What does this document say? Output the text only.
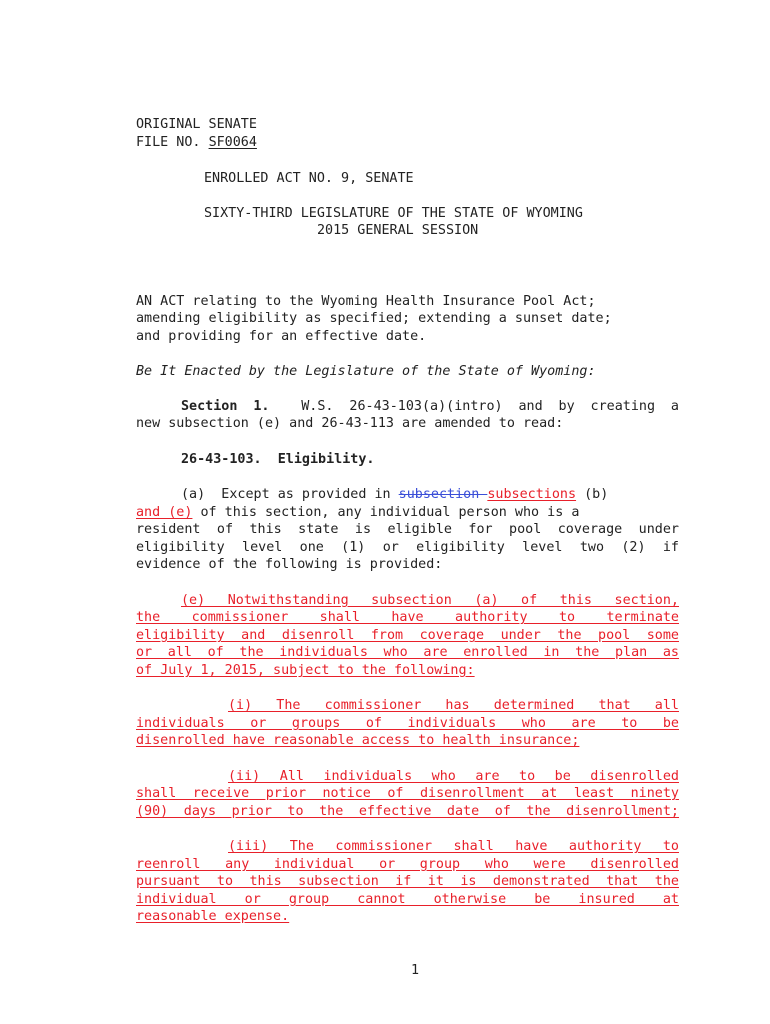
ORIGINAL SENATE
FILE NO. SF0064
ENROLLED ACT NO. 9, SENATE
SIXTY-THIRD LEGISLATURE OF THE STATE OF WYOMING
2015 GENERAL SESSION
AN ACT relating to the Wyoming Health Insurance Pool Act;
amending eligibility as specified; extending a sunset date;
and providing for an effective date.
Be It Enacted by the Legislature of the State of Wyoming:
Section 1. W.S. 26-43-103(a)(intro) and by creating a
new subsection (e) and 26-43-113 are amended to read:
26-43-103. Eligibility.
(a)  Except as provided in subsection subsections (b)
and (e) of this section, any individual person who is a
resident of this state is eligible for pool coverage under
eligibility level one (1) or eligibility level two (2) if
evidence of the following is provided:
(e) Notwithstanding subsection (a) of this section,
the commissioner shall have authority to terminate
eligibility and disenroll from coverage under the pool some
or all of the individuals who are enrolled in the plan as
of July 1, 2015, subject to the following:
(i) The commissioner has determined that all
individuals or groups of individuals who are to be
disenrolled have reasonable access to health insurance;
(ii) All individuals who are to be disenrolled
shall receive prior notice of disenrollment at least ninety
(90) days prior to the effective date of the disenrollment;
(iii) The commissioner shall have authority to
reenroll any individual or group who were disenrolled
pursuant to this subsection if it is demonstrated that the
individual or group cannot otherwise be insured at
reasonable expense.
1
